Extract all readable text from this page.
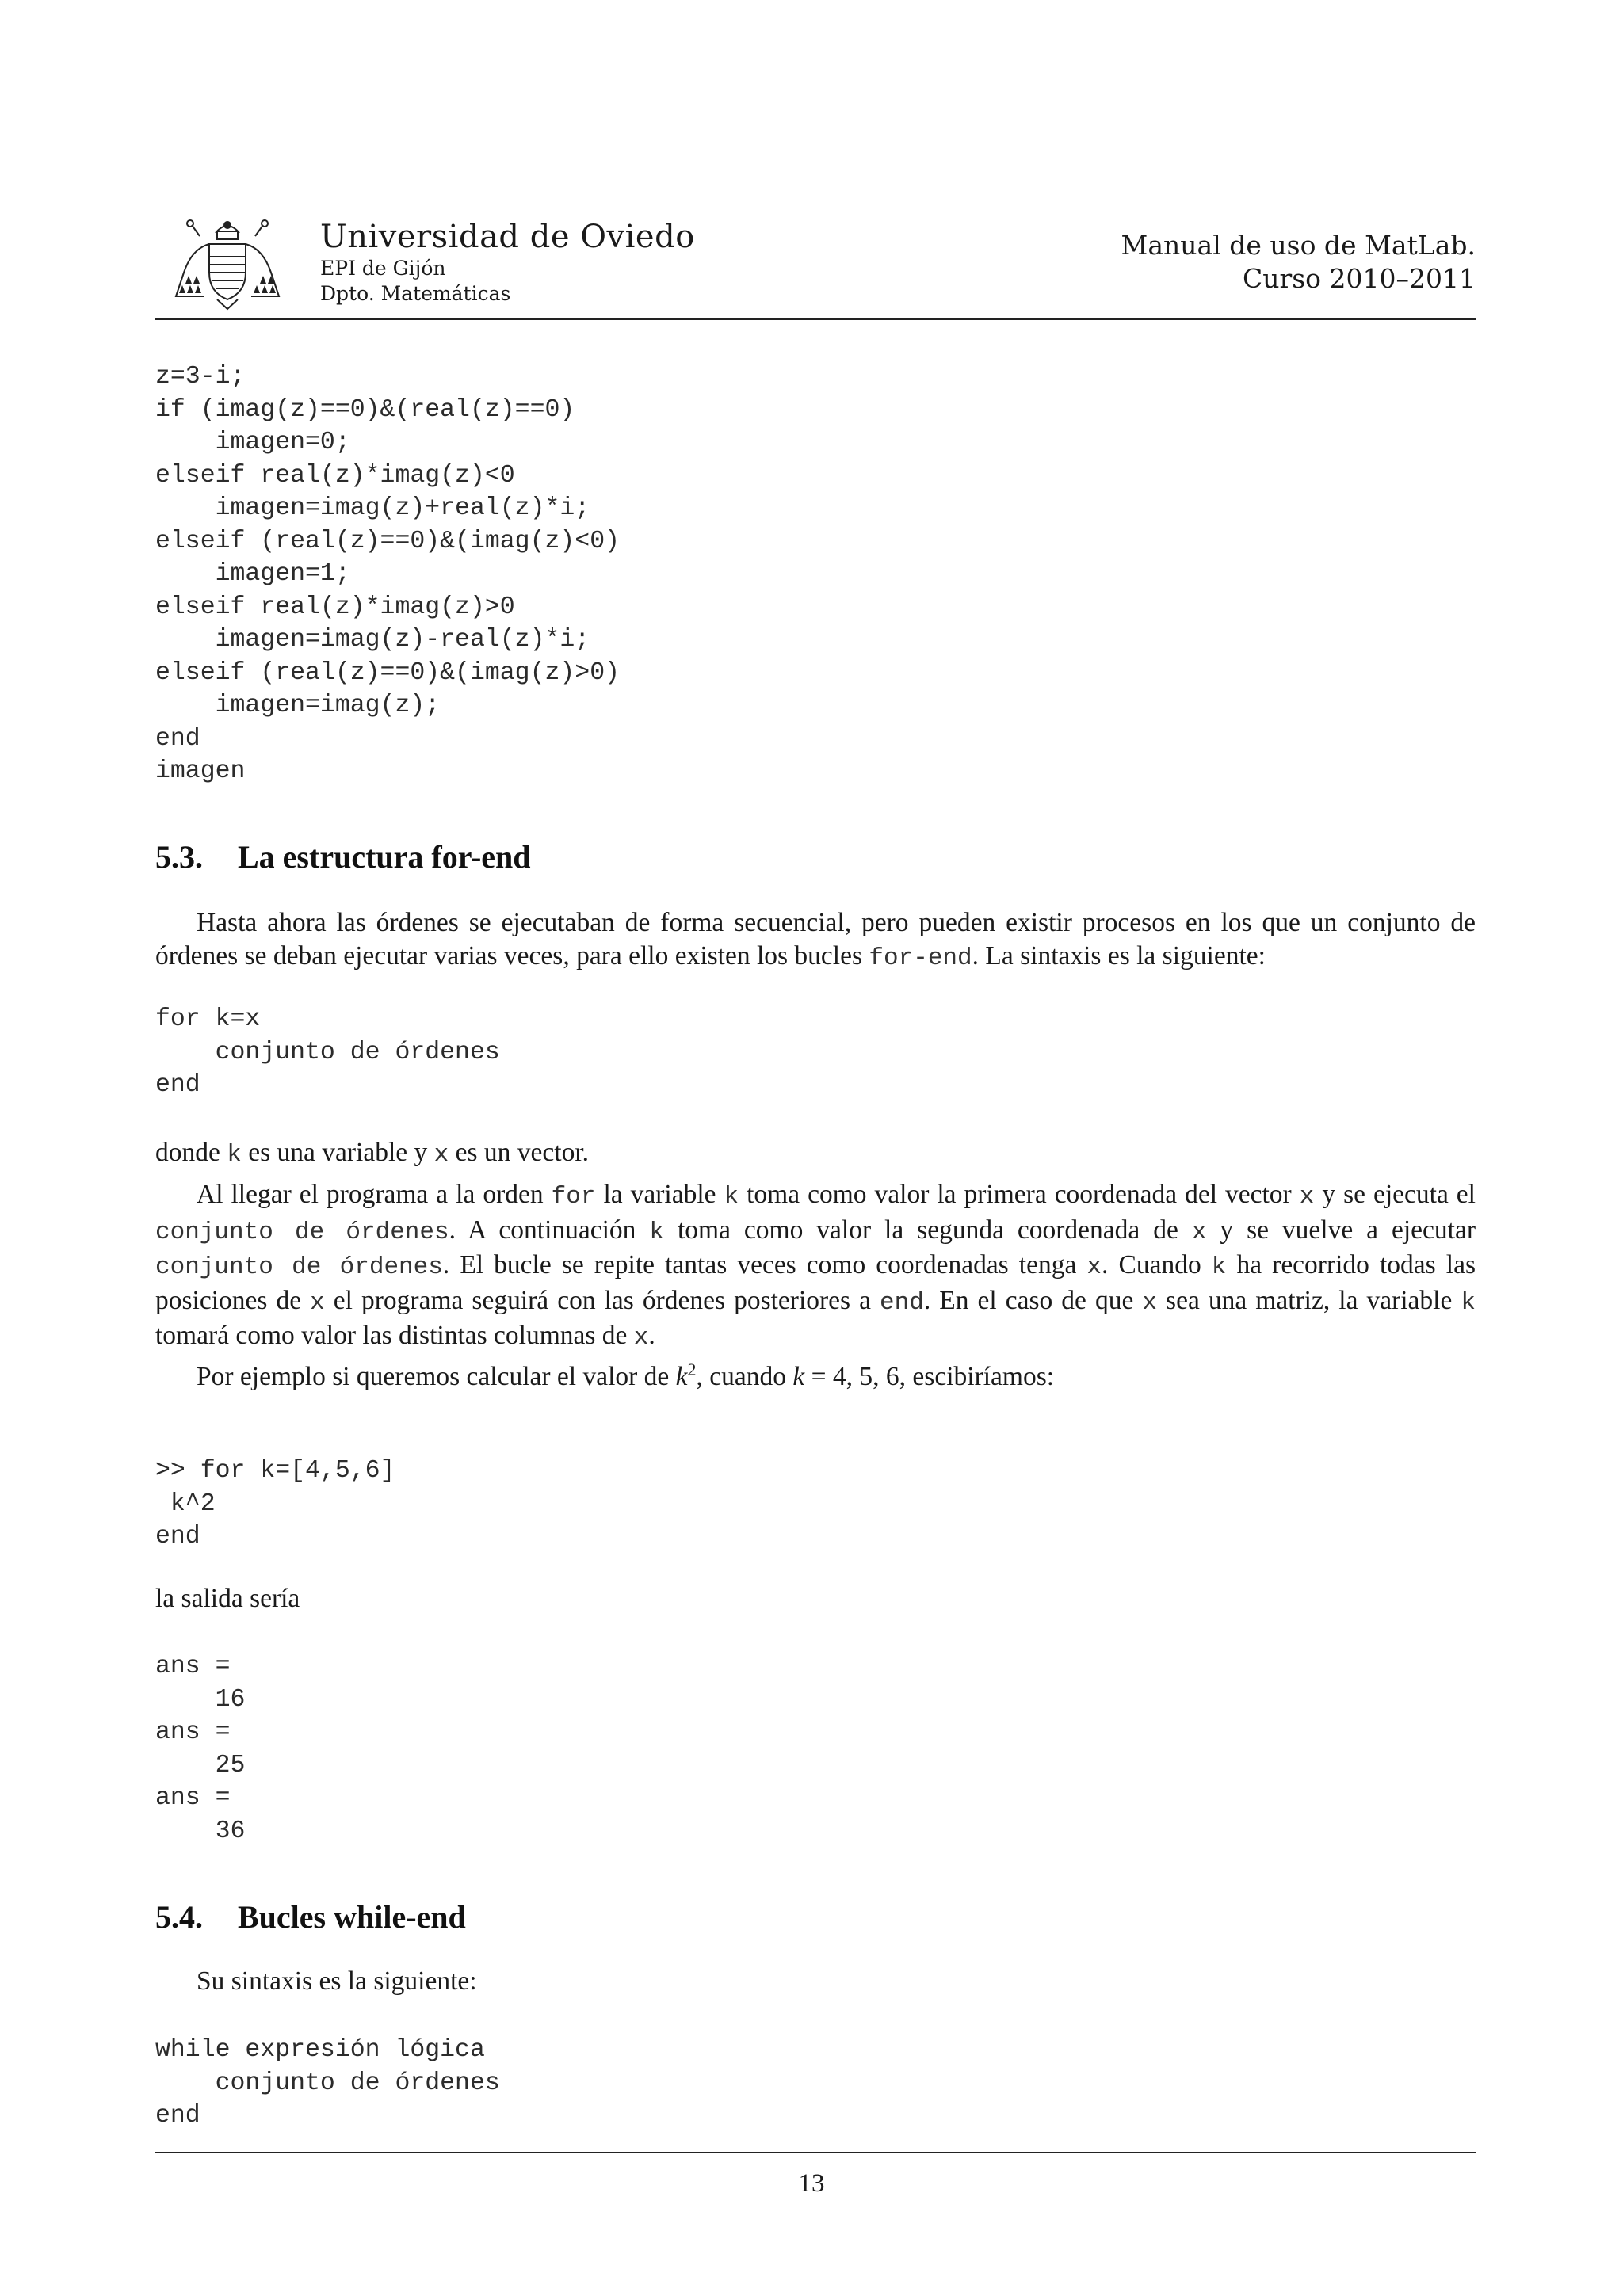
Universidad de Oviedo
EPI de Gijón
Dpto. Matemáticas
Manual de uso de MatLab.
Curso 2010–2011
z=3-i;
if (imag(z)==0)&(real(z)==0)
imagen=0;
elseif real(z)*imag(z)<0
imagen=imag(z)+real(z)*i;
elseif (real(z)==0)&(imag(z)<0)
imagen=1;
elseif real(z)*imag(z)>0
imagen=imag(z)-real(z)*i;
elseif (real(z)==0)&(imag(z)>0)
imagen=imag(z);
end
imagen
5.3. La estructura for-end
Hasta ahora las órdenes se ejecutaban de forma secuencial, pero pueden existir procesos en los que un conjunto de órdenes se deban ejecutar varias veces, para ello existen los bucles for-end. La sintaxis es la siguiente:
for k=x
conjunto de órdenes
end
donde k es una variable y x es un vector.
Al llegar el programa a la orden for la variable k toma como valor la primera coordenada del vector x y se ejecuta el conjunto de órdenes. A continuación k toma como valor la segunda coordenada de x y se vuelve a ejecutar conjunto de órdenes. El bucle se repite tantas veces como coordenadas tenga x. Cuando k ha recorrido todas las posiciones de x el programa seguirá con las órdenes posteriores a end. En el caso de que x sea una matriz, la variable k tomará como valor las distintas columnas de x.
Por ejemplo si queremos calcular el valor de $k^2$, cuando k = 4, 5, 6, escibiríamos:
>> for k=[4,5,6]
k^2
end
la salida sería
ans =
16
ans =
25
ans =
36
5.4. Bucles while-end
Su sintaxis es la siguiente:
while expresión lógica
conjunto de órdenes
end
13
